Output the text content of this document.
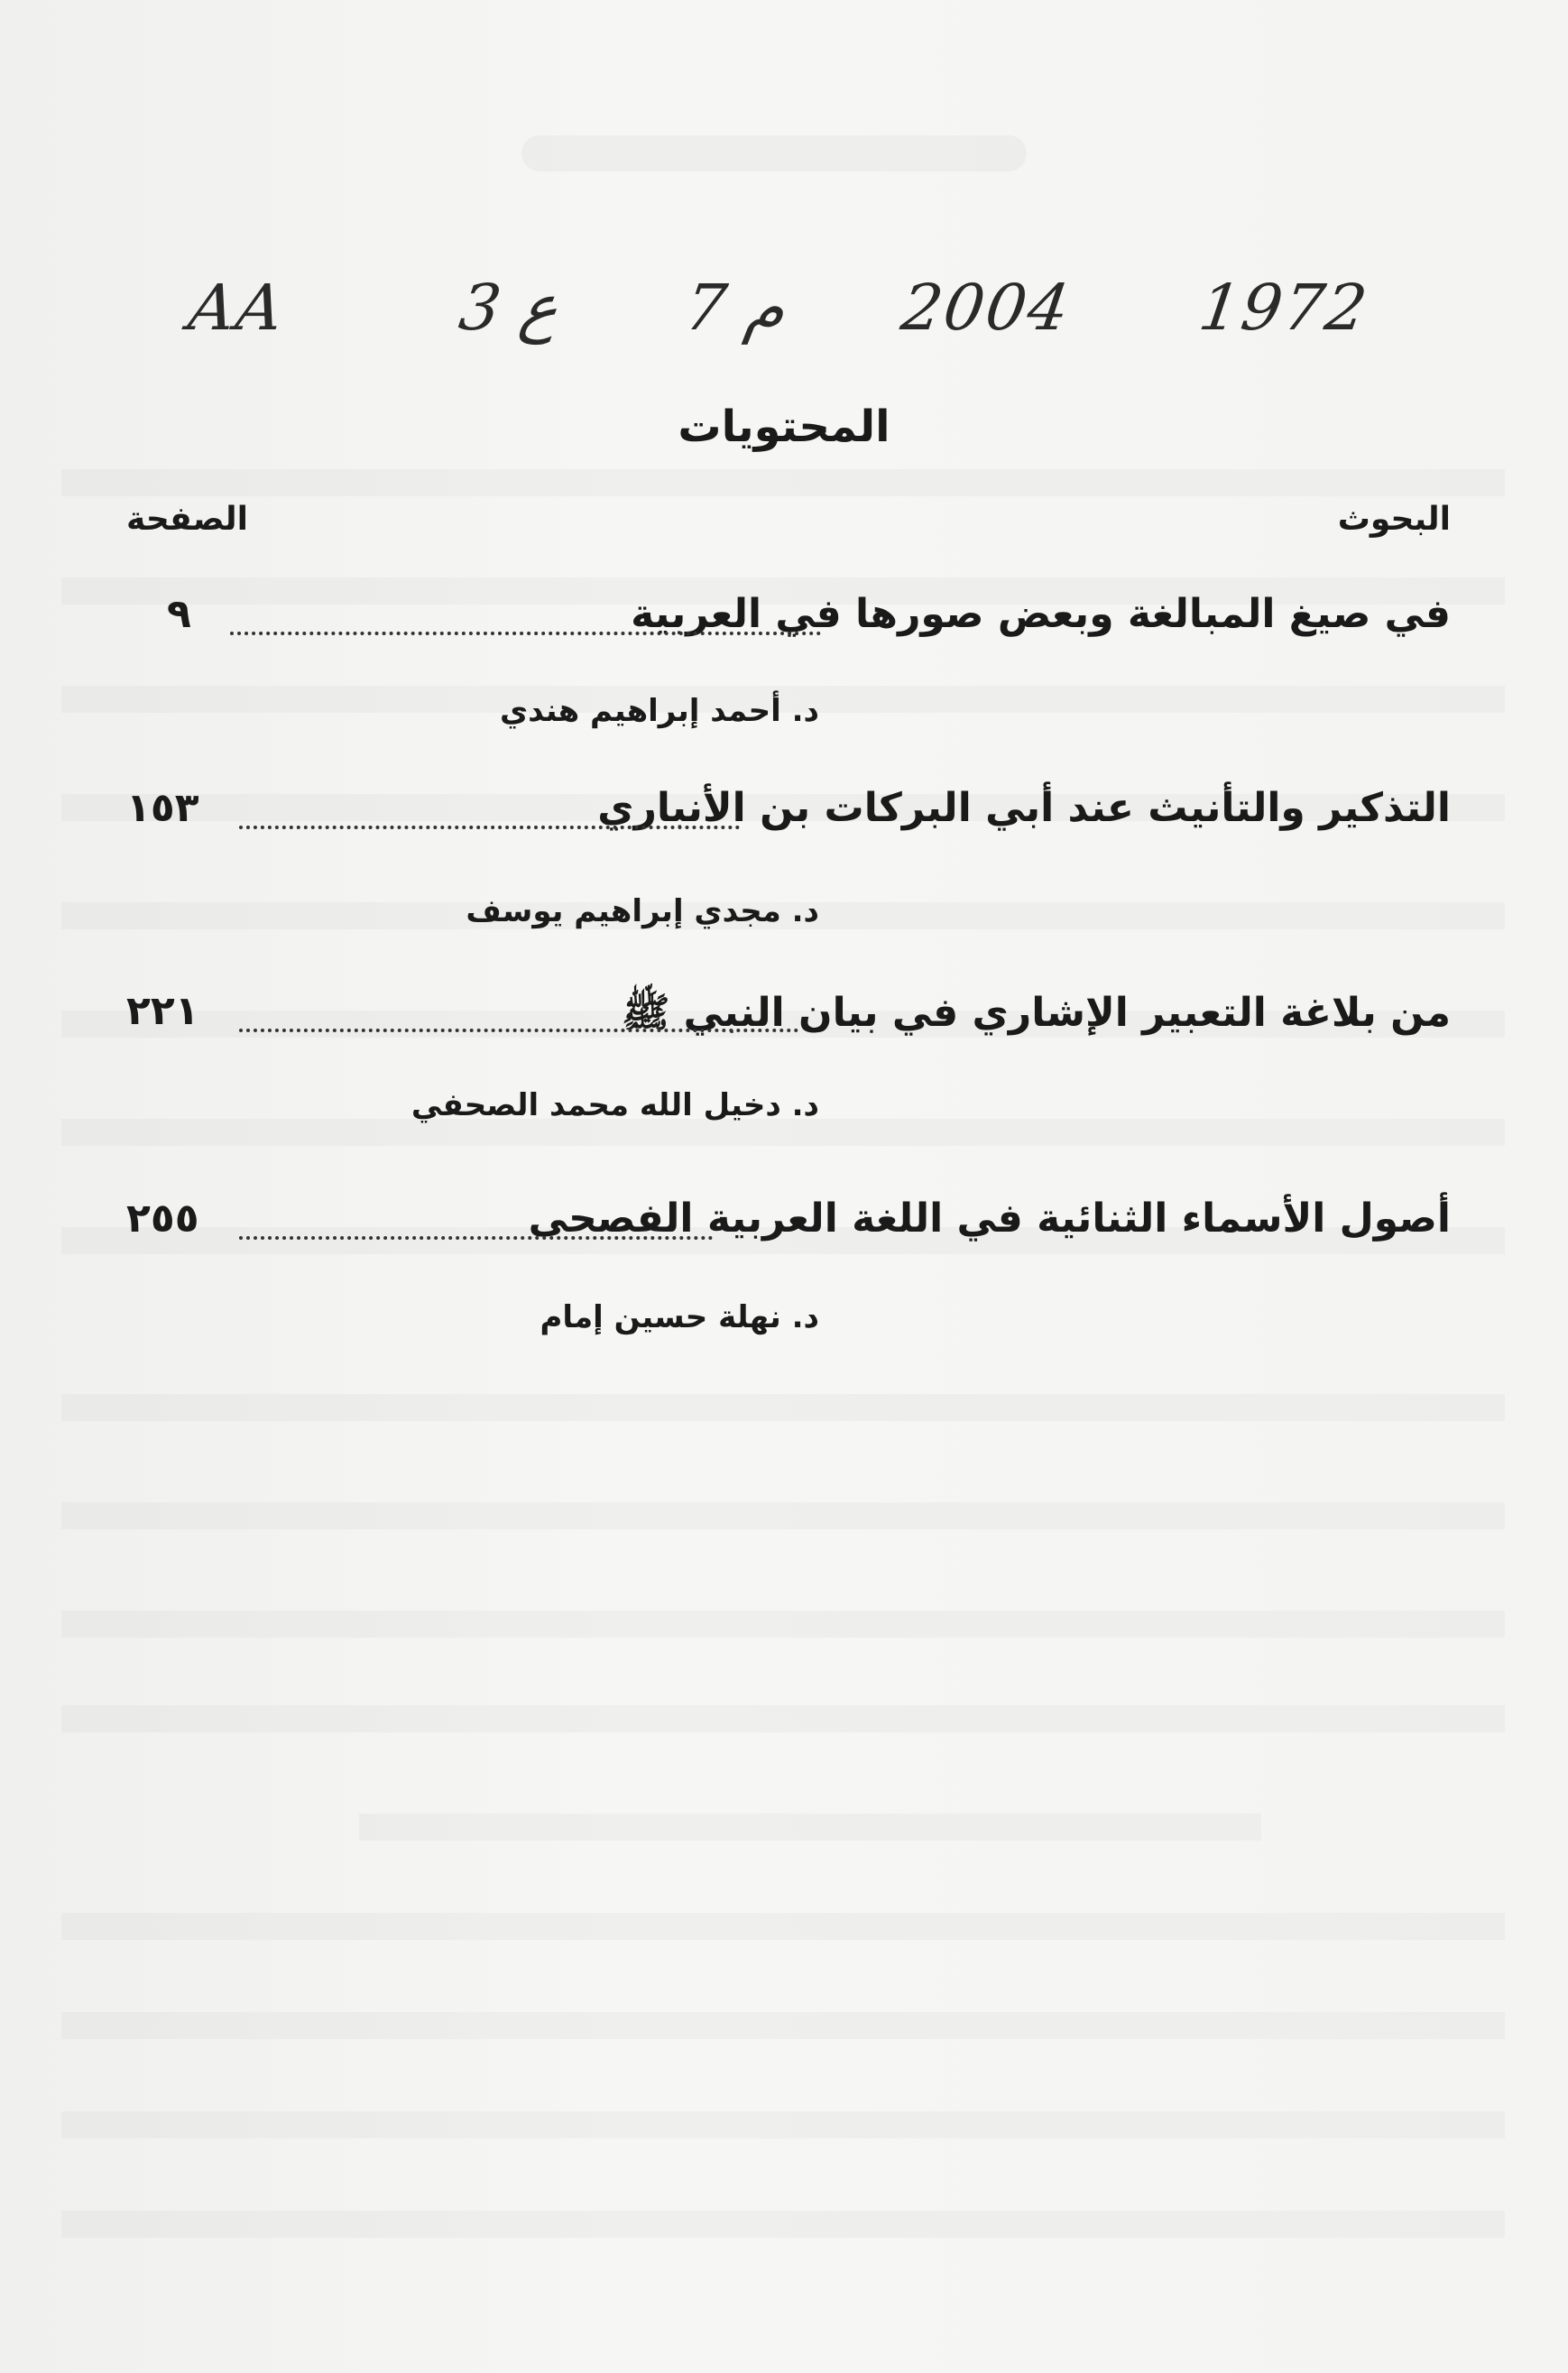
AA	3 ع 7 م 2004 1972
المحتويات
البحوث
الصفحة
في صيغ المبالغة وبعض صورها في العربية
٩
د. أحمد إبراهيم هندي
التذكير والتأنيث عند أبي البركات بن الأنباري
١٥٣
د. مجدي إبراهيم يوسف
من بلاغة التعبير الإشاري في بيان النبي ﷺ
٢٢١
د. دخيل الله محمد الصحفي
أصول الأسماء الثنائية في اللغة العربية الفصحى
٢٥٥
د. نهلة حسين إمام
